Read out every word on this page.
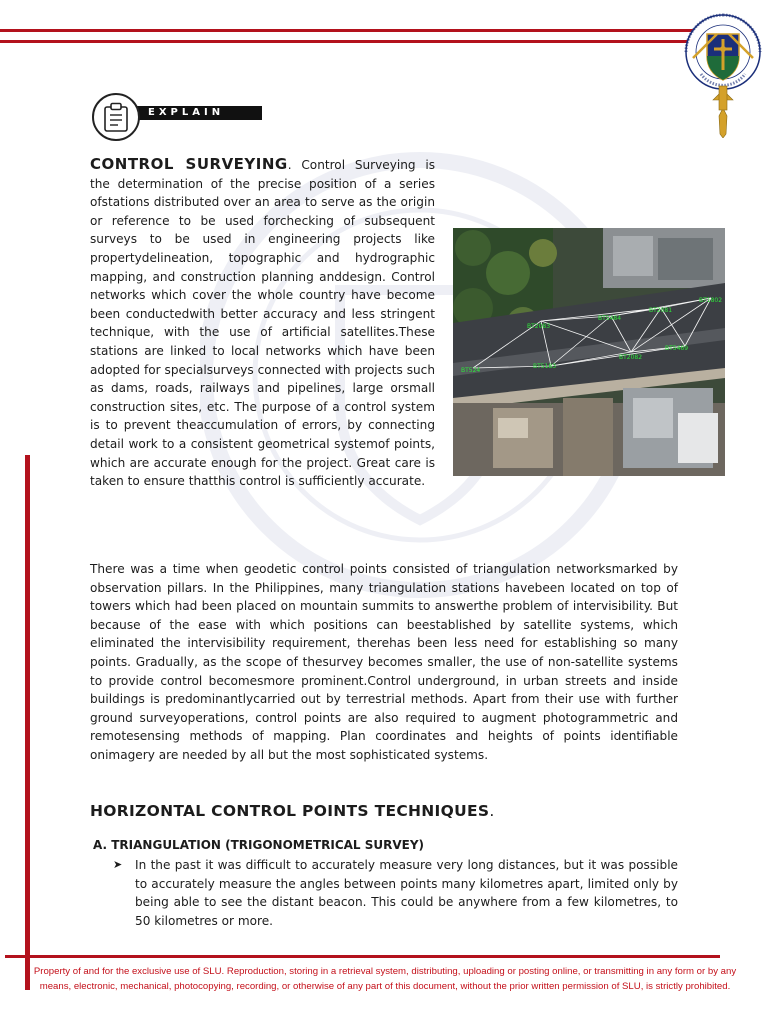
EXPLAIN

CONTROL SURVEYING. Control Surveying is the determination of the precise position of a series ofstations distributed over an area to serve as the origin or reference to be used forchecking of subsequent surveys to be used in engineering projects like propertydelineation, topographic and hydrographic mapping, and construction planning anddesign. Control networks which cover the whole country have become been conductedwith better accuracy and less stringent technique, with the use of artificial satellites.These stations are linked to local networks which have been adopted for specialsurveys connected with projects such as dams, roads, railways and pipelines, large orsmall construction sites, etc. The purpose of a control system is to prevent theaccumulation of errors, by connecting detail work to a consistent geometrical systemof points, which are accurate enough for the project. Great care is taken to ensure thatthis control is sufficiently accurate.

BT2083
BT5484
BT2081
BT1802
BT2082
BT5469
BT5183
BT524

There was a time when geodetic control points consisted of triangulation networksmarked by observation pillars. In the Philippines, many triangulation stations havebeen located on top of towers which had been placed on mountain summits to answerthe problem of intervisibility. But because of the ease with which positions can beestablished by satellite systems, which eliminated the intervisibility requirement, therehas been less need for establishing so many points. Gradually, as the scope of thesurvey becomes smaller, the use of non-satellite systems to provide control becomesmore prominent.Control underground, in urban streets and inside buildings is predominantlycarried out by terrestrial methods. Apart from their use with further ground surveyoperations, control points are also required to augment photogrammetric and remotesensing methods of mapping. Plan coordinates and heights of points identifiable onimagery are needed by all but the most sophisticated systems.

HORIZONTAL CONTROL POINTS TECHNIQUES.
A. TRIANGULATION (TRIGONOMETRICAL SURVEY)
➤	In the past it was difficult to accurately measure very long distances, but it was possible to accurately measure the angles between points many kilometres apart, limited only by being able to see the distant beacon. This could be anywhere from a few kilometres, to 50 kilometres or more.

Property of and for the exclusive use of SLU. Reproduction, storing in a retrieval system, distributing, uploading or posting online, or transmitting in any form or by any means, electronic, mechanical, photocopying, recording, or otherwise of any part of this document, without the prior written permission of SLU, is strictly prohibited.
